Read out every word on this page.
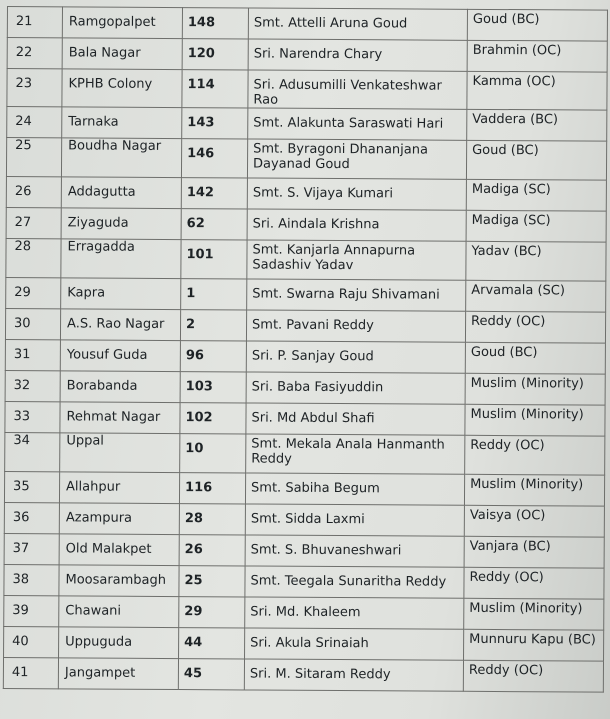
21	Ramgopalpet	148	Smt. Attelli Aruna Goud	Goud (BC)
22	Bala Nagar	120	Sri. Narendra Chary	Brahmin (OC)
23	KPHB Colony	114	Sri. Adusumilli Venkateshwar Rao	Kamma (OC)
24	Tarnaka	143	Smt. Alakunta Saraswati Hari	Vaddera (BC)
25	Boudha Nagar	146	Smt. Byragoni Dhananjana Dayanad Goud	Goud (BC)
26	Addagutta	142	Smt. S. Vijaya Kumari	Madiga (SC)
27	Ziyaguda	62	Sri. Aindala Krishna	Madiga (SC)
28	Erragadda	101	Smt. Kanjarla Annapurna Sadashiv Yadav	Yadav (BC)
29	Kapra	1	Smt. Swarna Raju Shivamani	Arvamala (SC)
30	A.S. Rao Nagar	2	Smt. Pavani Reddy	Reddy (OC)
31	Yousuf Guda	96	Sri. P. Sanjay Goud	Goud (BC)
32	Borabanda	103	Sri. Baba Fasiyuddin	Muslim (Minority)
33	Rehmat Nagar	102	Sri. Md Abdul Shafi	Muslim (Minority)
34	Uppal	10	Smt. Mekala Anala Hanmanth Reddy	Reddy (OC)
35	Allahpur	116	Smt. Sabiha Begum	Muslim (Minority)
36	Azampura	28	Smt. Sidda Laxmi	Vaisya (OC)
37	Old Malakpet	26	Smt. S. Bhuvaneshwari	Vanjara (BC)
38	Moosarambagh	25	Smt. Teegala Sunaritha Reddy	Reddy (OC)
39	Chawani	29	Sri. Md. Khaleem	Muslim (Minority)
40	Uppuguda	44	Sri. Akula Srinaiah	Munnuru Kapu (BC)
41	Jangampet	45	Sri. M. Sitaram Reddy	Reddy (OC)
